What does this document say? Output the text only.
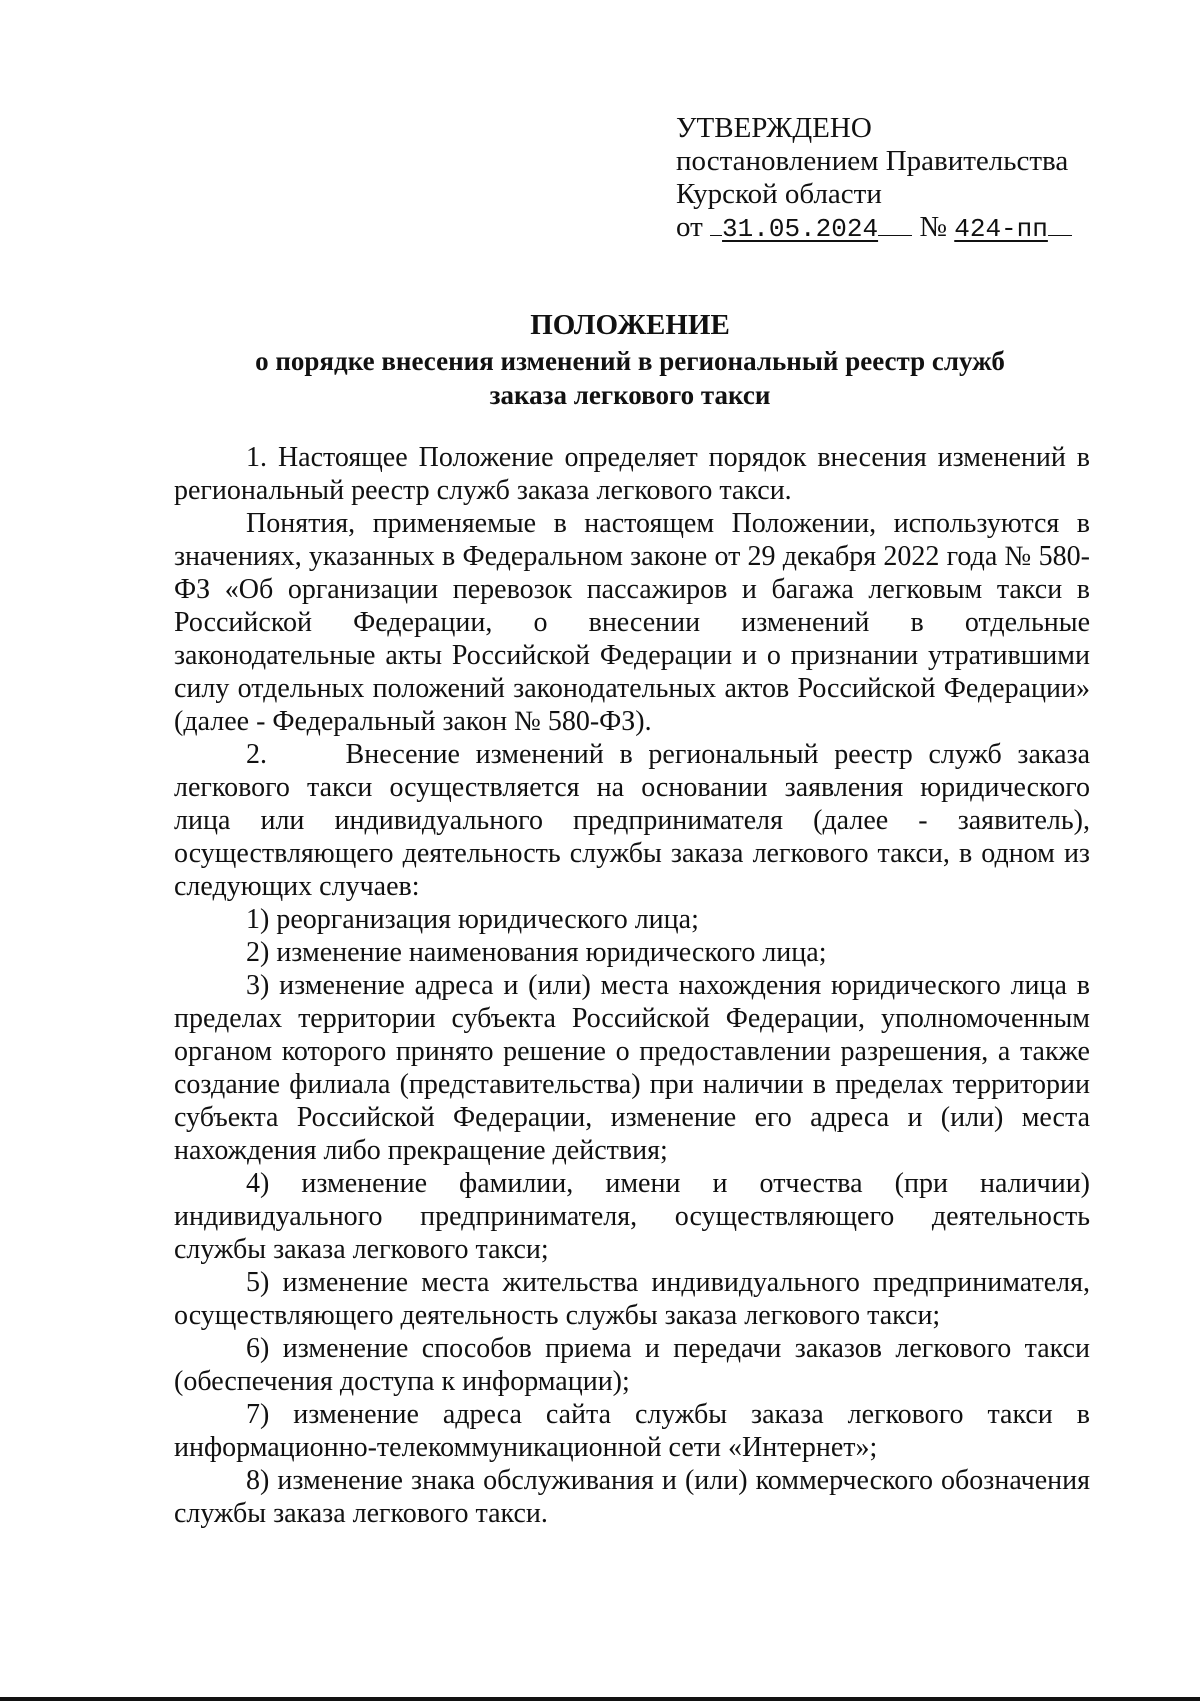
УТВЕРЖДЕНО
постановлением Правительства
Курской области
от 31.05.2024 № 424-пп
ПОЛОЖЕНИЕ
о порядке внесения изменений в региональный реестр служб
заказа легкового такси

1. Настоящее Положение определяет порядок внесения изменений в региональный реестр служб заказа легкового такси.

Понятия, применяемые в настоящем Положении, используются в значениях, указанных в Федеральном законе от 29 декабря 2022 года № 580-ФЗ «Об организации перевозок пассажиров и багажа легковым такси в Российской Федерации, о внесении изменений в отдельные законодательные акты Российской Федерации и о признании утратившими силу отдельных положений законодательных актов Российской Федерации» (далее - Федеральный закон № 580-ФЗ).

2.     Внесение изменений в региональный реестр служб заказа легкового такси осуществляется на основании заявления юридического лица или индивидуального предпринимателя (далее - заявитель), осуществляющего деятельность службы заказа легкового такси, в одном из следующих случаев:

1) реорганизация юридического лица;

2) изменение наименования юридического лица;

3) изменение адреса и (или) места нахождения юридического лица в пределах территории субъекта Российской Федерации, уполномоченным органом которого принято решение о предоставлении разрешения, а также создание филиала (представительства) при наличии в пределах территории субъекта Российской Федерации, изменение его адреса и (или) места нахождения либо прекращение действия;

4) изменение фамилии, имени и отчества (при наличии) индивидуального предпринимателя, осуществляющего деятельность службы заказа легкового такси;

5) изменение места жительства индивидуального предпринимателя, осуществляющего деятельность службы заказа легкового такси;

6) изменение способов приема и передачи заказов легкового такси (обеспечения доступа к информации);

7) изменение адреса сайта службы заказа легкового такси в информационно-телекоммуникационной сети «Интернет»;

8) изменение знака обслуживания и (или) коммерческого обозначения службы заказа легкового такси.
